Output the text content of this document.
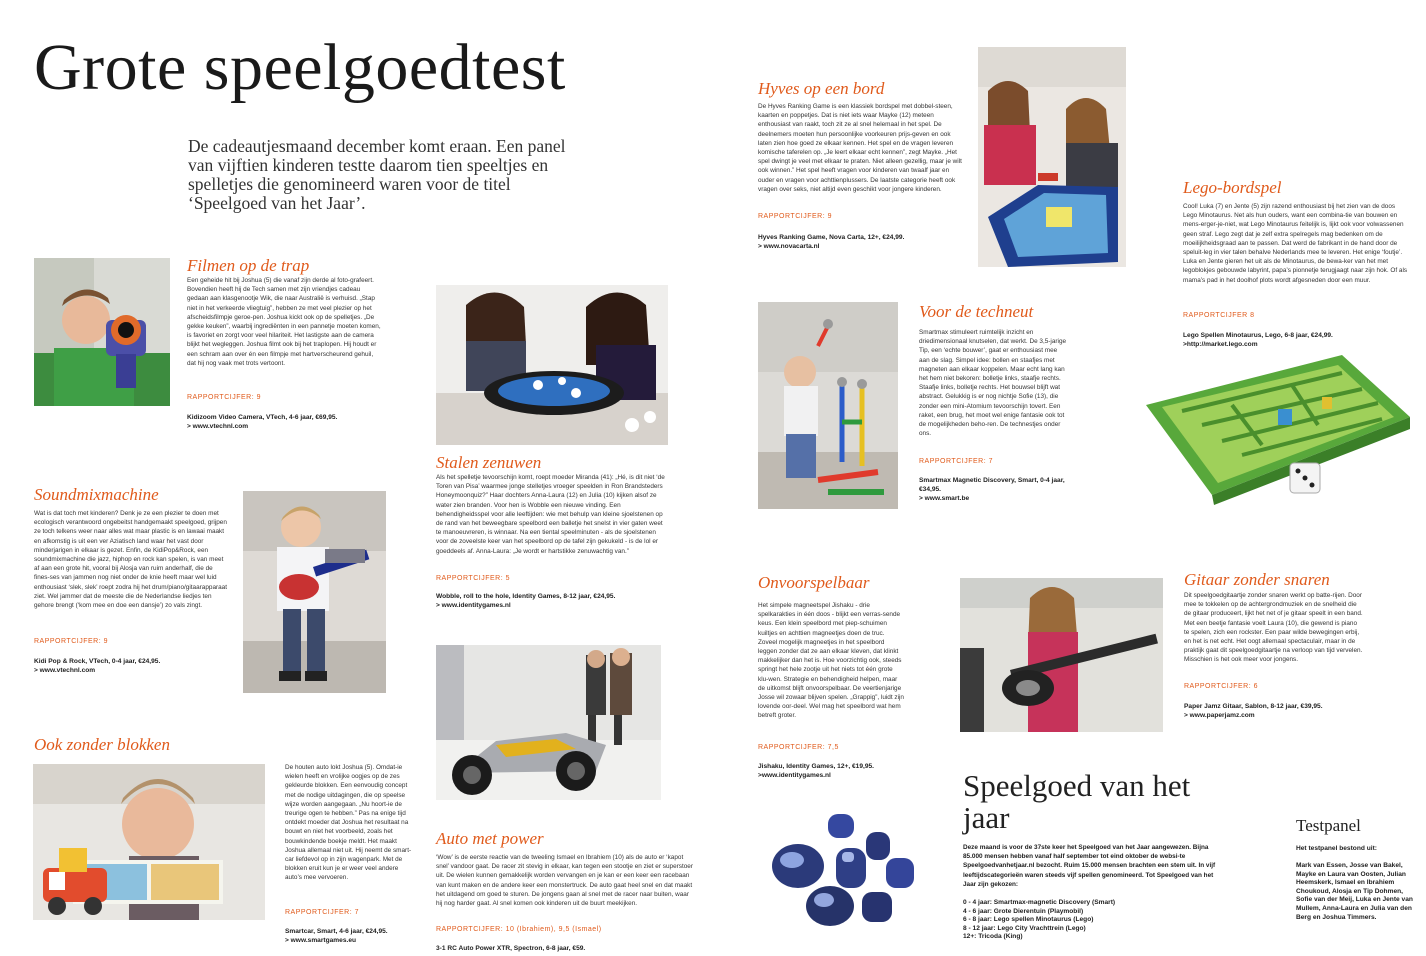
Grote speelgoedtest
De cadeautjesmaand december komt eraan. Een panel van vijftien kinderen testte daarom tien speeltjes en spelletjes die genomineerd waren voor de titel ‘Speelgoed van het Jaar’.
Filmen op de trap
Een geheide hit bij Joshua (5) die vanaf zijn derde al foto-grafeert. Bovendien heeft hij de Tech samen met zijn vriendjes cadeau gedaan aan klasgenootje Wik, die naar Australië is verhuisd. „Stap niet in het verkeerde vliegtuig”, hebben ze met veel plezier op het afscheidsfilmpje geroe-pen. Joshua kickt ook op de spelletjes. „De gekke keuken”, waarbij ingrediënten in een pannetje moeten komen, is favoriet en zorgt voor veel hilariteit. Het lastigste aan de camera blijkt het wegleggen. Joshua filmt ook bij het traplopen. Hij houdt er een schram aan over én een filmpje met hartverscheurend gehuil, dat hij nog vaak met trots vertoont.
RAPPORTCIJFER: 9
Kidizoom Video Camera, VTech, 4-6 jaar, €69,95.
> www.vtechnl.com
Stalen zenuwen
Als het spelletje tevoorschijn komt, roept moeder Miranda (41): „Hé, is dit niet ‘de Toren van Pisa’ waarmee jonge stelletjes vroeger speelden in Ron Brandsteders Honeymoonquiz?” Haar dochters Anna-Laura (12) en Julia (10) kijken alsof ze water zien branden. Voor hen is Wobble een nieuwe vinding. Een behendigheidsspel voor alle leeftijden: wie met behulp van kleine sjoelstenen op de rand van het beweegbare speelbord een balletje het snelst in vier gaten weet te manoeuvreren, is winnaar. Na een tiental speelminuten - als de sjoelstenen voor de zoveelste keer van het speelbord op de tafel zijn gekukeld - is de lol er goeddeels af. Anna-Laura: „Je wordt er hartstikke zenuwachtig van.”
RAPPORTCIJFER: 5
Wobble, roll to the hole, Identity Games, 8-12 jaar, €24,95.
> www.identitygames.nl
Soundmixmachine
Wat is dat toch met kinderen? Denk je ze een plezier te doen met ecologisch verantwoord ongebeitst handgemaakt speelgoed, grijpen ze toch telkens weer naar alles wat maar plastic is en lawaai maakt en afkomstig is uit een ver Aziatisch land waar het vast door minderjarigen in elkaar is gezet. Enfin, de KidiPop&Rock, een soundmixmachine die jazz, hiphop en rock kan spelen, is van meet af aan een grote hit, vooral bij Alosja van ruim anderhalf, die de fines-ses van jammen nog niet onder de knie heeft maar wel luid enthousiast ‘slek, slek’ roept zodra hij het drum/piano/gitaarapparaat ziet. Wel jammer dat de meeste die de Nederlandse liedjes ten gehore brengt (‘kom mee en doe een dansje’) zo vals zingt.
RAPPORTCIJFER: 9
Kidi Pop & Rock, VTech, 0-4 jaar, €24,95.
> www.vtechnl.com
Ook zonder blokken
De houten auto lokt Joshua (5). Omdat-ie wielen heeft en vrolijke oogjes op de zes gekleurde blokken. Een eenvoudig concept met de nodige uitdagingen, die op speelse wijze worden aangegaan. „Nu hoort-ie de treurige ogen te hebben.” Pas na enige tijd ontdekt moeder dat Joshua het resultaat na bouwt en niet het voorbeeld, zoals het bouwkindende boekje meldt. Het maakt Joshua allemaal niet uit. Hij neemt de smart-car liefdevol op in zijn wagenpark. Met de blokken eruit kun je er weer veel andere auto’s mee vervoeren.
RAPPORTCIJFER: 7
Smartcar, Smart, 4-6 jaar, €24,95.
> www.smartgames.eu
Auto met power
‘Wow’ is de eerste reactie van de tweeling Ismael en Ibrahiem (10) als de auto er ‘kapot snel’ vandoor gaat. De racer zit stevig in elkaar, kan tegen een stootje en ziet er superstoer uit. De wielen kunnen gemakkelijk worden vervangen en je kan er een keer een racebaan van kunt maken en de andere keer een monstertruck. De auto gaat heel snel en dat maakt het uitdagend om goed te sturen. De jongens gaan al snel met de racer naar buiten, waar hij nog harder gaat. Al snel komen ook kinderen uit de buurt meekijken.
RAPPORTCIJFER: 10 (Ibrahiem), 9,5 (Ismael)
3-1 RC Auto Power XTR, Spectron, 6-8 jaar, €59.
Hyves op een bord
De Hyves Ranking Game is een klassiek bordspel met dobbel-steen, kaarten en poppetjes. Dat is niet iets waar Mayke (12) meteen enthousiast van raakt, toch zit ze al snel helemaal in het spel. De deelnemers moeten hun persoonlijke voorkeuren prijs-geven en ook laten zien hoe goed ze elkaar kennen. Het spel en de vragen leveren komische taferelen op. „Je leert elkaar echt kennen”, zegt Mayke. „Het spel dwingt je veel met elkaar te praten. Niet alleen gezellig, maar je wilt ook winnen.” Het spel heeft vragen voor kinderen van twaalf jaar en ouder en vragen voor achttienplussers. De laatste categorie heeft ook vragen over seks, niet altijd even geschikt voor jongere kinderen.
RAPPORTCIJFER: 9
Hyves Ranking Game, Nova Carta, 12+, €24,99.
> www.novacarta.nl
Lego-bordspel
Cool! Luka (7) en Jente (5) zijn razend enthousiast bij het zien van de doos Lego Minotaurus. Net als hun ouders, want een combina-tie van bouwen en mens-erger-je-niet, wat Lego Minotaurus feitelijk is, lijkt ook voor volwassenen geen straf. Lego zegt dat je zelf extra spelregels mag bedenken om de moeilijkheidsgraad aan te passen. Dat werd de fabrikant in de hand door de speluit-leg in vier talen behalve Nederlands mee te leveren. Het enige ‘foutje’. Luka en Jente gieren het uit als de Minotaurus, de bewa-ker van het met legoblokjes gebouwde labyrint, papa’s pionnetje terugjaagt naar zijn hok. Of als mama’s pad in het doolhof plots wordt afgesneden door een muur.
RAPPORTCIJFER 8
Lego Spellen Minotaurus, Lego, 6-8 jaar, €24,99.
>http://market.lego.com
Voor de techneut
Smartmax stimuleert ruimtelijk inzicht en driedimensionaal knutselen, dat werkt. De 3,5-jarige Tip, een ‘echte bouwer’, gaat er enthousiast mee aan de slag. Simpel idee: bollen en staafjes met magneten aan elkaar koppelen. Maar echt lang kan het hem niet bekoren: bolletje links, staafje rechts. Staafje links, bolletje rechts. Het bouwsel blijft wat abstract. Gelukkig is er nog nichtje Sofie (13), die zonder een mini-Atomium tevoorschijn tovert. Een raket, een brug, het moet wel enige fantasie ook tot de mogelijkheden beho-ren. De technestjes onder ons.
RAPPORTCIJFER: 7
Smartmax Magnetic Discovery, Smart, 0-4 jaar, €34,95.
> www.smart.be
Onvoorspelbaar
Het simpele magneetspel Jishaku - drie spelkarakties in één doos - blijkt een verras-sende keus. Een klein speelbord met piep-schuimen kuiltjes en achttien magneetjes doen de truc. Zoveel mogelijk magneetjes in het speelbord leggen zonder dat ze aan elkaar kleven, dat klinkt makkelijker dan het is. Hoe voorzichtig ook, steeds springt het hele zootje uit het niets tot één grote klu-wen. Strategie en behendigheid helpen, maar de uitkomst blijft onvoorspelbaar. De veertienjarige Josse wil zowaar blijven spelen. „Grappig”, luidt zijn lovende oor-deel. Wel mag het speelbord wat hem betreft groter.
RAPPORTCIJFER: 7,5
Jishaku, Identity Games, 12+, €19,95.
>www.identitygames.nl
Gitaar zonder snaren
Dit speelgoedgitaartje zonder snaren werkt op batte-rijen. Door mee te tokkelen op de achtergrondmuziek en de snelheid die de gitaar produceert, lijkt het net of je gitaar speelt in een band. Met een beetje fantasie voelt Laura (10), die gewend is piano te spelen, zich een rockster. Een paar wilde bewegingen erbij, en het is net echt. Het oogt allemaal spectaculair, maar in de praktijk gaat dit speelgoedgitaartje na verloop van tijd vervelen. Misschien is het ook meer voor jongens.
RAPPORTCIJFER: 6
Paper Jamz Gitaar, Sablon, 8-12 jaar, €39,95.
> www.paperjamz.com
Speelgoed van het jaar
Deze maand is voor de 37ste keer het Speelgoed van het Jaar aangewezen. Bijna 85.000 mensen hebben vanaf half september tot eind oktober de websi-te Speelgoedvanhetjaar.nl bezocht. Ruim 15.000 mensen brachten een stem uit. In vijf leeftijdscategorieën waren steeds vijf spellen genomineerd. Tot Speelgoed van het Jaar zijn gekozen:
0 - 4 jaar: Smartmax-magnetic Discovery (Smart)
4 - 6 jaar: Grote Dierentuin (Playmobil)
6 - 8 jaar: Lego spellen Minotaurus (Lego)
8 - 12 jaar: Lego City Vrachttrein (Lego)
12+: Tricoda (King)
Testpanel
Het testpanel bestond uit:
Mark van Essen, Josse van Bakel, Mayke en Laura van Oosten, Julian Heemskerk, Ismael en Ibrahiem Choukoud, Alosja en Tip Dohmen, Sofie van der Meij, Luka en Jente van Mullem, Anna-Laura en Julia van den Berg en Joshua Timmers.
